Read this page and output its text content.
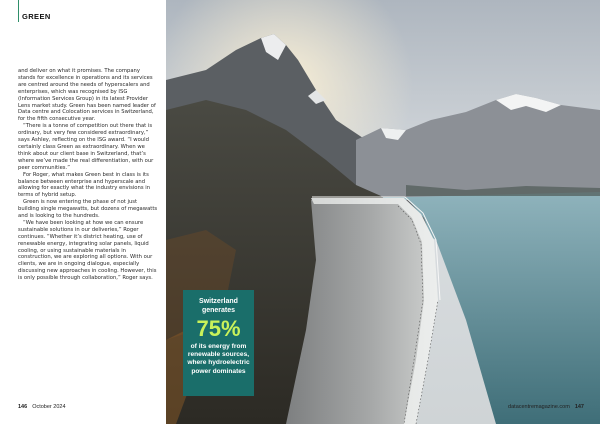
GREEN

and deliver on what it promises. The company stands for excellence in operations and its services are centred around the needs of hyperscalers and enterprises, which was recognised by ISG (Information Services Group) in its latest Provider Lens market study. Green has been named leader of Data centre and Colocation services in Switzerland, for the fifth consecutive year.

“There is a tonne of competition out there that is ordinary, but very few considered extraordinary,” says Ashley, reflecting on the ISG award. “I would certainly class Green as extraordinary. When we think about our client base in Switzerland, that’s where we’ve made the real differentiation, with our peer communities.”

For Roger, what makes Green best in class is its balance between enterprise and hyperscale and allowing for exactly what the industry envisions in terms of hybrid setup.

Green is now entering the phase of not just building single megawatts, but dozens of megawatts and is looking to the hundreds.

“We have been looking at how we can ensure sustainable solutions in our deliveries,” Roger continues. “Whether it’s district heating, use of renewable energy, integrating solar panels, liquid cooling, or using sustainable materials in construction, we are exploring all options. With our clients, we are in ongoing dialogue, especially discussing new approaches in cooling. However, this is only possible through collaboration,” Roger says.

146 October 2024
Switzerland generates
75%
of its energy from renewable sources, where hydroelectric power dominates
datacentremagazine.com 147
